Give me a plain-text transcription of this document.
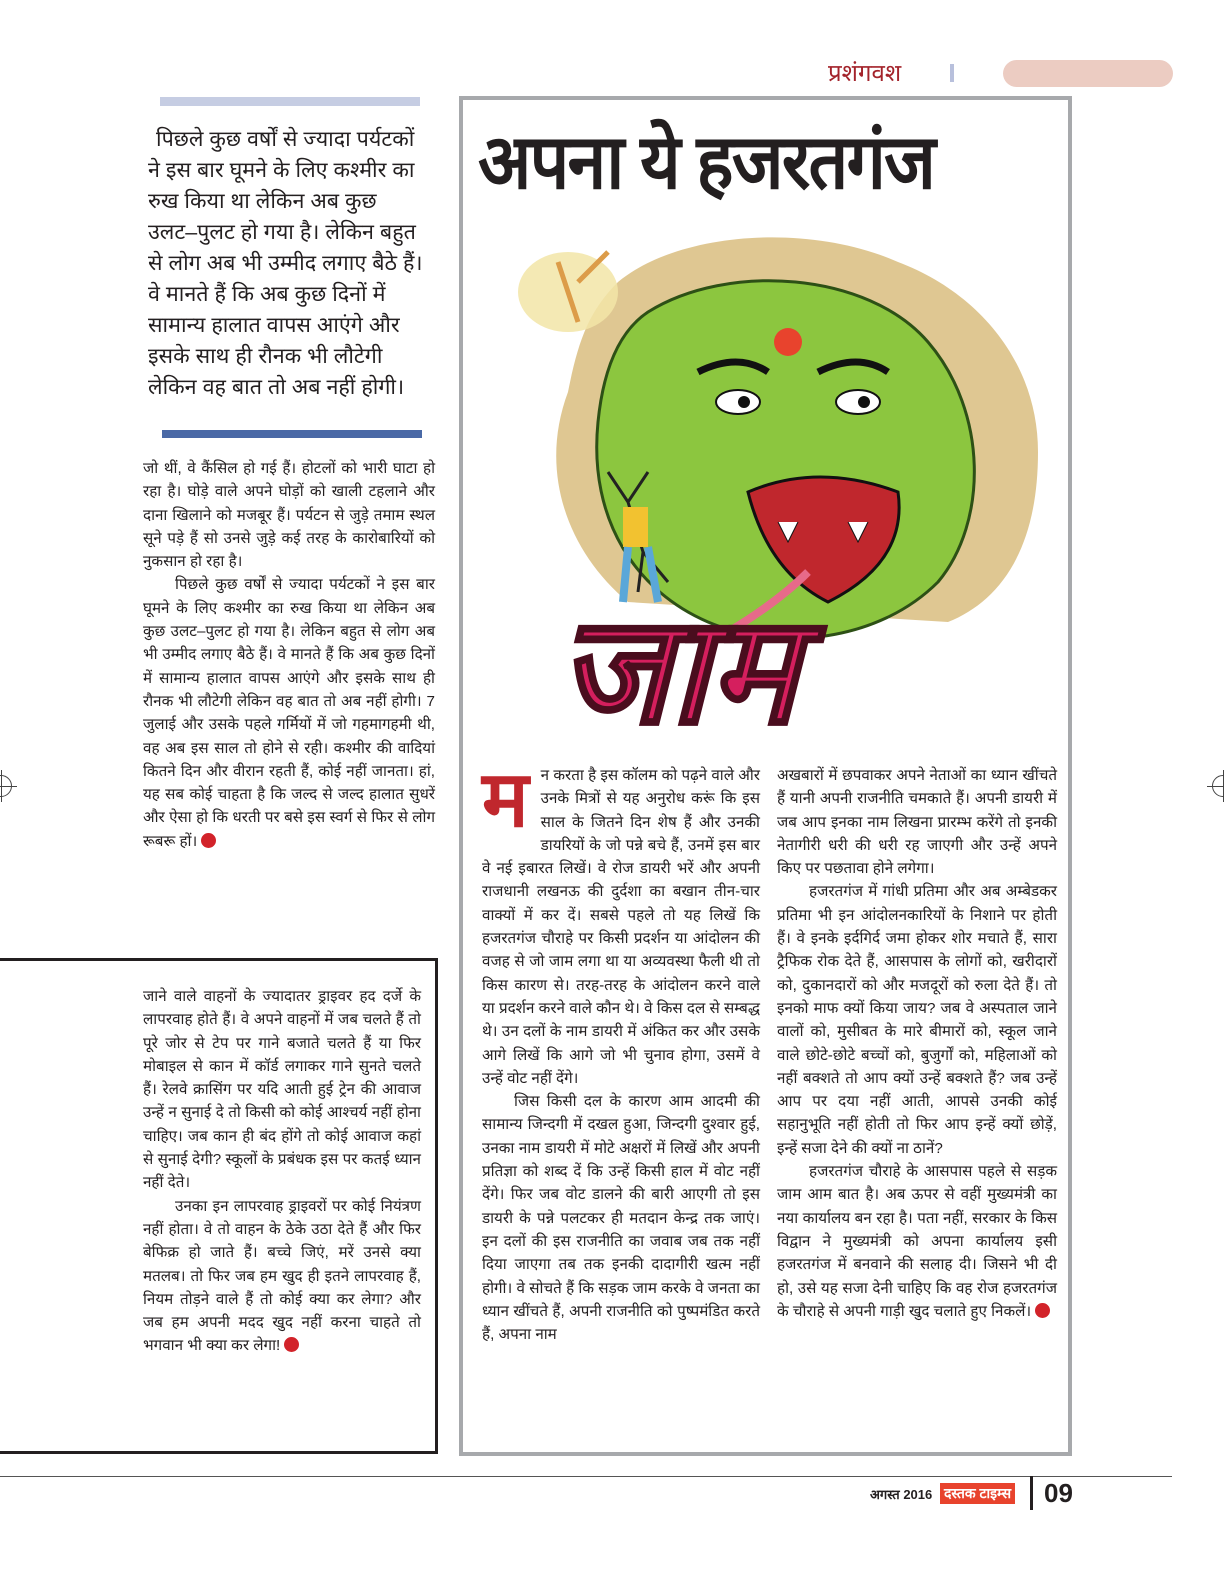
प्रशंगवश

पिछले कुछ वर्षों से ज्यादा पर्यटकों ने इस बार घूमने के लिए कश्मीर का रुख किया था लेकिन अब कुछ उलट–पुलट हो गया है। लेकिन बहुत से लोग अब भी उम्मीद लगाए बैठे हैं। वे मानते हैं कि अब कुछ दिनों में सामान्य हालात वापस आएंगे और इसके साथ ही रौनक भी लौटेगी लेकिन वह बात तो अब नहीं होगी।

जो थीं, वे कैंसिल हो गई हैं। होटलों को भारी घाटा हो रहा है। घोड़े वाले अपने घोड़ों को खाली टहलाने और दाना खिलाने को मजबूर हैं। पर्यटन से जुड़े तमाम स्थल सूने पड़े हैं सो उनसे जुड़े कई तरह के कारोबारियों को नुकसान हो रहा है।

पिछले कुछ वर्षों से ज्यादा पर्यटकों ने इस बार घूमने के लिए कश्मीर का रुख किया था लेकिन अब कुछ उलट–पुलट हो गया है। लेकिन बहुत से लोग अब भी उम्मीद लगाए बैठे हैं। वे मानते हैं कि अब कुछ दिनों में सामान्य हालात वापस आएंगे और इसके साथ ही रौनक भी लौटेगी लेकिन वह बात तो अब नहीं होगी। 7 जुलाई और उसके पहले गर्मियों में जो गहमागहमी थी, वह अब इस साल तो होने से रही। कश्मीर की वादियां कितने दिन और वीरान रहती हैं, कोई नहीं जानता। हां, यह सब कोई चाहता है कि जल्द से जल्द हालात सुधरें और ऐसा हो कि धरती पर बसे इस स्वर्ग से फिर से लोग रूबरू हों।

जाने वाले वाहनों के ज्यादातर ड्राइवर हद दर्जे के लापरवाह होते हैं। वे अपने वाहनों में जब चलते हैं तो पूरे जोर से टेप पर गाने बजाते चलते हैं या फिर मोबाइल से कान में कॉर्ड लगाकर गाने सुनते चलते हैं। रेलवे क्रासिंग पर यदि आती हुई ट्रेन की आवाज उन्हें न सुनाई दे तो किसी को कोई आश्चर्य नहीं होना चाहिए। जब कान ही बंद होंगे तो कोई आवाज कहां से सुनाई देगी? स्कूलों के प्रबंधक इस पर कतई ध्यान नहीं देते।

उनका इन लापरवाह ड्राइवरों पर कोई नियंत्रण नहीं होता। वे तो वाहन के ठेके उठा देते हैं और फिर बेफिक्र हो जाते हैं। बच्चे जिएं, मरें उनसे क्या मतलब। तो फिर जब हम खुद ही इतने लापरवाह हैं, नियम तोड़ने वाले हैं तो कोई क्या कर लेगा? और जब हम अपनी मदद खुद नहीं करना चाहते तो भगवान भी क्या कर लेगा!

अपना ये हजरतगंज
जाम

मन करता है इस कॉलम को पढ़ने वाले और उनके मित्रों से यह अनुरोध करूं कि इस साल के जितने दिन शेष हैं और उनकी डायरियों के जो पन्ने बचे हैं, उनमें इस बार वे नई इबारत लिखें। वे रोज डायरी भरें और अपनी राजधानी लखनऊ की दुर्दशा का बखान तीन-चार वाक्यों में कर दें। सबसे पहले तो यह लिखें कि हजरतगंज चौराहे पर किसी प्रदर्शन या आंदोलन की वजह से जो जाम लगा था या अव्यवस्था फैली थी तो किस कारण से। तरह-तरह के आंदोलन करने वाले या प्रदर्शन करने वाले कौन थे। वे किस दल से सम्बद्ध थे। उन दलों के नाम डायरी में अंकित कर और उसके आगे लिखें कि आगे जो भी चुनाव होगा, उसमें वे उन्हें वोट नहीं देंगे।

जिस किसी दल के कारण आम आदमी की सामान्य जिन्दगी में दखल हुआ, जिन्दगी दुश्वार हुई, उनका नाम डायरी में मोटे अक्षरों में लिखें और अपनी प्रतिज्ञा को शब्द दें कि उन्हें किसी हाल में वोट नहीं देंगे। फिर जब वोट डालने की बारी आएगी तो इस डायरी के पन्ने पलटकर ही मतदान केन्द्र तक जाएं। इन दलों की इस राजनीति का जवाब जब तक नहीं दिया जाएगा तब तक इनकी दादागीरी खत्म नहीं होगी। वे सोचते हैं कि सड़क जाम करके वे जनता का ध्यान खींचते हैं, अपनी राजनीति को पुष्पमंडित करते हैं, अपना नाम

अखबारों में छपवाकर अपने नेताओं का ध्यान खींचते हैं यानी अपनी राजनीति चमकाते हैं। अपनी डायरी में जब आप इनका नाम लिखना प्रारम्भ करेंगे तो इनकी नेतागीरी धरी की धरी रह जाएगी और उन्हें अपने किए पर पछतावा होने लगेगा।

हजरतगंज में गांधी प्रतिमा और अब अम्बेडकर प्रतिमा भी इन आंदोलनकारियों के निशाने पर होती हैं। वे इनके इर्दगिर्द जमा होकर शोर मचाते हैं, सारा ट्रैफिक रोक देते हैं, आसपास के लोगों को, खरीदारों को, दुकानदारों को और मजदूरों को रुला देते हैं। तो इनको माफ क्यों किया जाय? जब वे अस्पताल जाने वालों को, मुसीबत के मारे बीमारों को, स्कूल जाने वाले छोटे-छोटे बच्चों को, बुजुर्गों को, महिलाओं को नहीं बक्शते तो आप क्यों उन्हें बक्शते हैं? जब उन्हें आप पर दया नहीं आती, आपसे उनकी कोई सहानुभूति नहीं होती तो फिर आप इन्हें क्यों छोड़ें, इन्हें सजा देने की क्यों ना ठानें?

हजरतगंज चौराहे के आसपास पहले से सड़क जाम आम बात है। अब ऊपर से वहीं मुख्यमंत्री का नया कार्यालय बन रहा है। पता नहीं, सरकार के किस विद्वान ने मुख्यमंत्री को अपना कार्यालय इसी हजरतगंज में बनवाने की सलाह दी। जिसने भी दी हो, उसे यह सजा देनी चाहिए कि वह रोज हजरतगंज के चौराहे से अपनी गाड़ी खुद चलाते हुए निकलें।

अगस्त 2016 दस्तक टाइम्स 09
